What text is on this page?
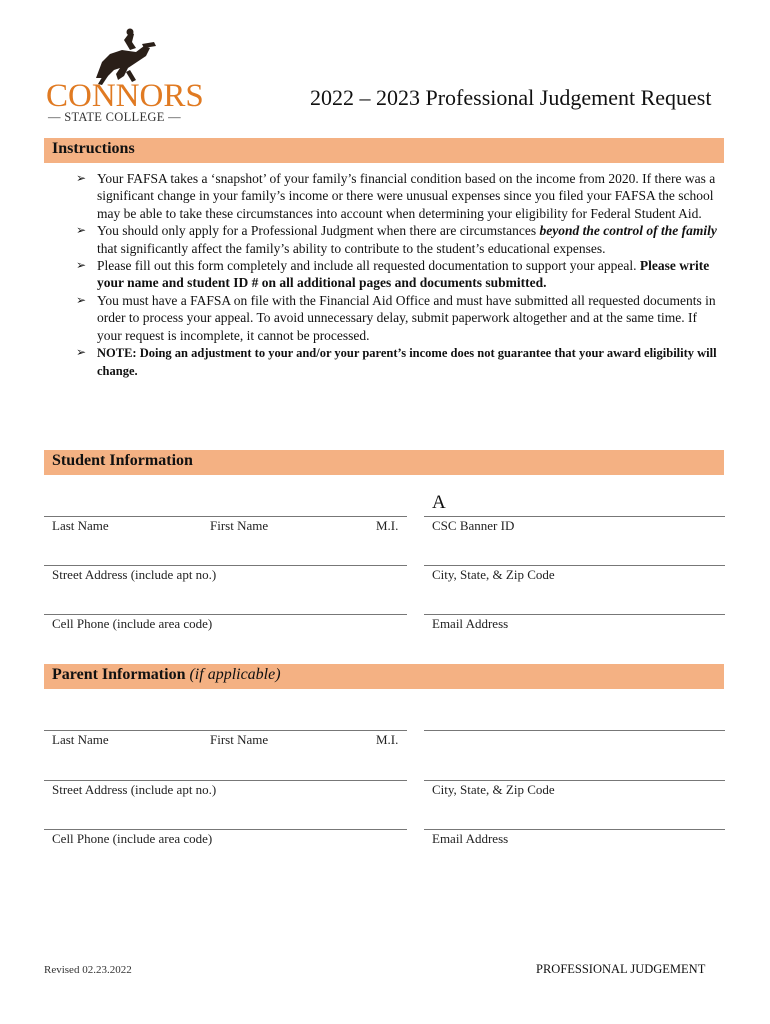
CONNORS
— STATE COLLEGE —
2022 – 2023 Professional Judgement Request
Instructions
➢ Your FAFSA takes a ‘snapshot’ of your family’s financial condition based on the income from 2020. If there was a significant change in your family’s income or there were unusual expenses since you filed your FAFSA the school may be able to take these circumstances into account when determining your eligibility for Federal Student Aid.
➢ You should only apply for a Professional Judgment when there are circumstances beyond the control of the family that significantly affect the family’s ability to contribute to the student’s educational expenses.
➢ Please fill out this form completely and include all requested documentation to support your appeal. Please write your name and student ID # on all additional pages and documents submitted.
➢ You must have a FAFSA on file with the Financial Aid Office and must have submitted all requested documents in order to process your appeal. To avoid unnecessary delay, submit paperwork altogether and at the same time. If your request is incomplete, it cannot be processed.
➢ NOTE: Doing an adjustment to your and/or your parent’s income does not guarantee that your award eligibility will change.
Student Information
A
Last Name	First Name	M.I.	CSC Banner ID
Street Address (include apt no.)	City, State, & Zip Code
Cell Phone (include area code)	Email Address
Parent Information (if applicable)
Last Name	First Name	M.I.
Street Address (include apt no.)	City, State, & Zip Code
Cell Phone (include area code)	Email Address
Revised 02.23.2022	PROFESSIONAL JUDGEMENT
